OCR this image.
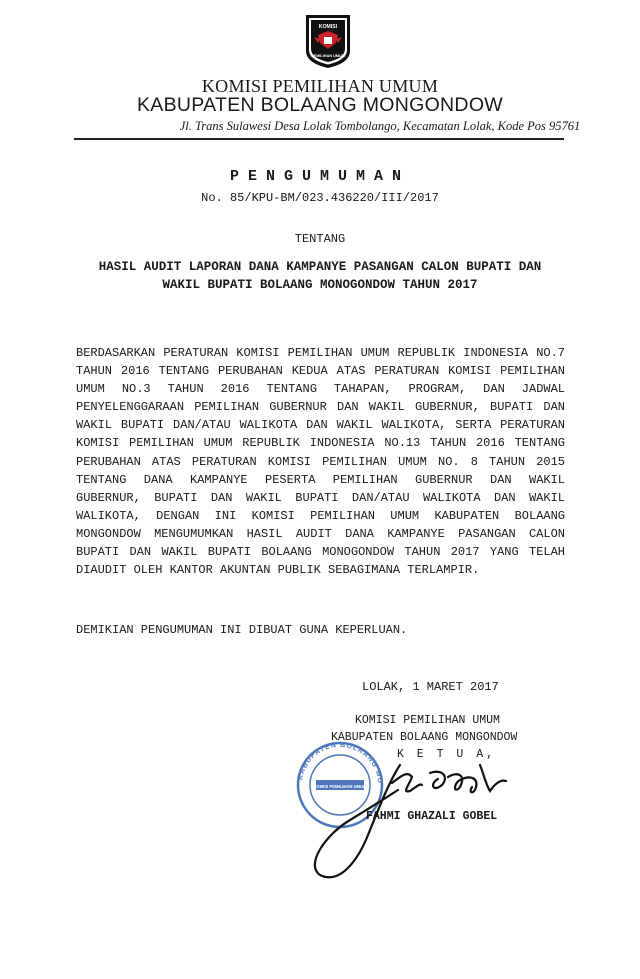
KOMISI
PEMILIHAN UMUM
KOMISI PEMILIHAN UMUM
KABUPATEN BOLAANG MONGONDOW
Jl. Trans Sulawesi Desa Lolak Tombolango, Kecamatan Lolak, Kode Pos 95761
PENGUMUMAN
No. 85/KPU-BM/023.436220/III/2017
TENTANG
HASIL AUDIT LAPORAN DANA KAMPANYE PASANGAN CALON BUPATI DAN
WAKIL BUPATI BOLAANG MONOGONDOW TAHUN 2017
BERDASARKAN PERATURAN KOMISI PEMILIHAN UMUM REPUBLIK INDONESIA NO.7 TAHUN 2016 TENTANG PERUBAHAN KEDUA ATAS PERATURAN KOMISI PEMILIHAN UMUM NO.3 TAHUN 2016 TENTANG TAHAPAN, PROGRAM, DAN JADWAL PENYELENGGARAAN PEMILIHAN GUBERNUR DAN WAKIL GUBERNUR, BUPATI DAN WAKIL BUPATI DAN/ATAU WALIKOTA DAN WAKIL WALIKOTA, SERTA PERATURAN KOMISI PEMILIHAN UMUM REPUBLIK INDONESIA NO.13 TAHUN 2016 TENTANG PERUBAHAN ATAS PERATURAN KOMISI PEMILIHAN UMUM NO. 8 TAHUN 2015 TENTANG DANA KAMPANYE PESERTA PEMILIHAN GUBERNUR DAN WAKIL GUBERNUR, BUPATI DAN WAKIL BUPATI DAN/ATAU WALIKOTA DAN WAKIL WALIKOTA, DENGAN INI KOMISI PEMILIHAN UMUM KABUPATEN BOLAANG MONGONDOW MENGUMUMKAN HASIL AUDIT DANA KAMPANYE PASANGAN CALON BUPATI DAN WAKIL BUPATI BOLAANG MONOGONDOW TAHUN 2017 YANG TELAH DIAUDIT OLEH KANTOR AKUNTAN PUBLIK SEBAGIMANA TERLAMPIR.
DEMIKIAN PENGUMUMAN INI DIBUAT GUNA KEPERLUAN.
LOLAK, 1 MARET 2017
KOMISI PEMILIHAN UMUM
KABUPATEN BOLAANG MONGONDOW
K E T U A,
KABUPATEN BOLAANG MO
KOMISI PEMILIHAN UMUM
FAHMI GHAZALI GOBEL
